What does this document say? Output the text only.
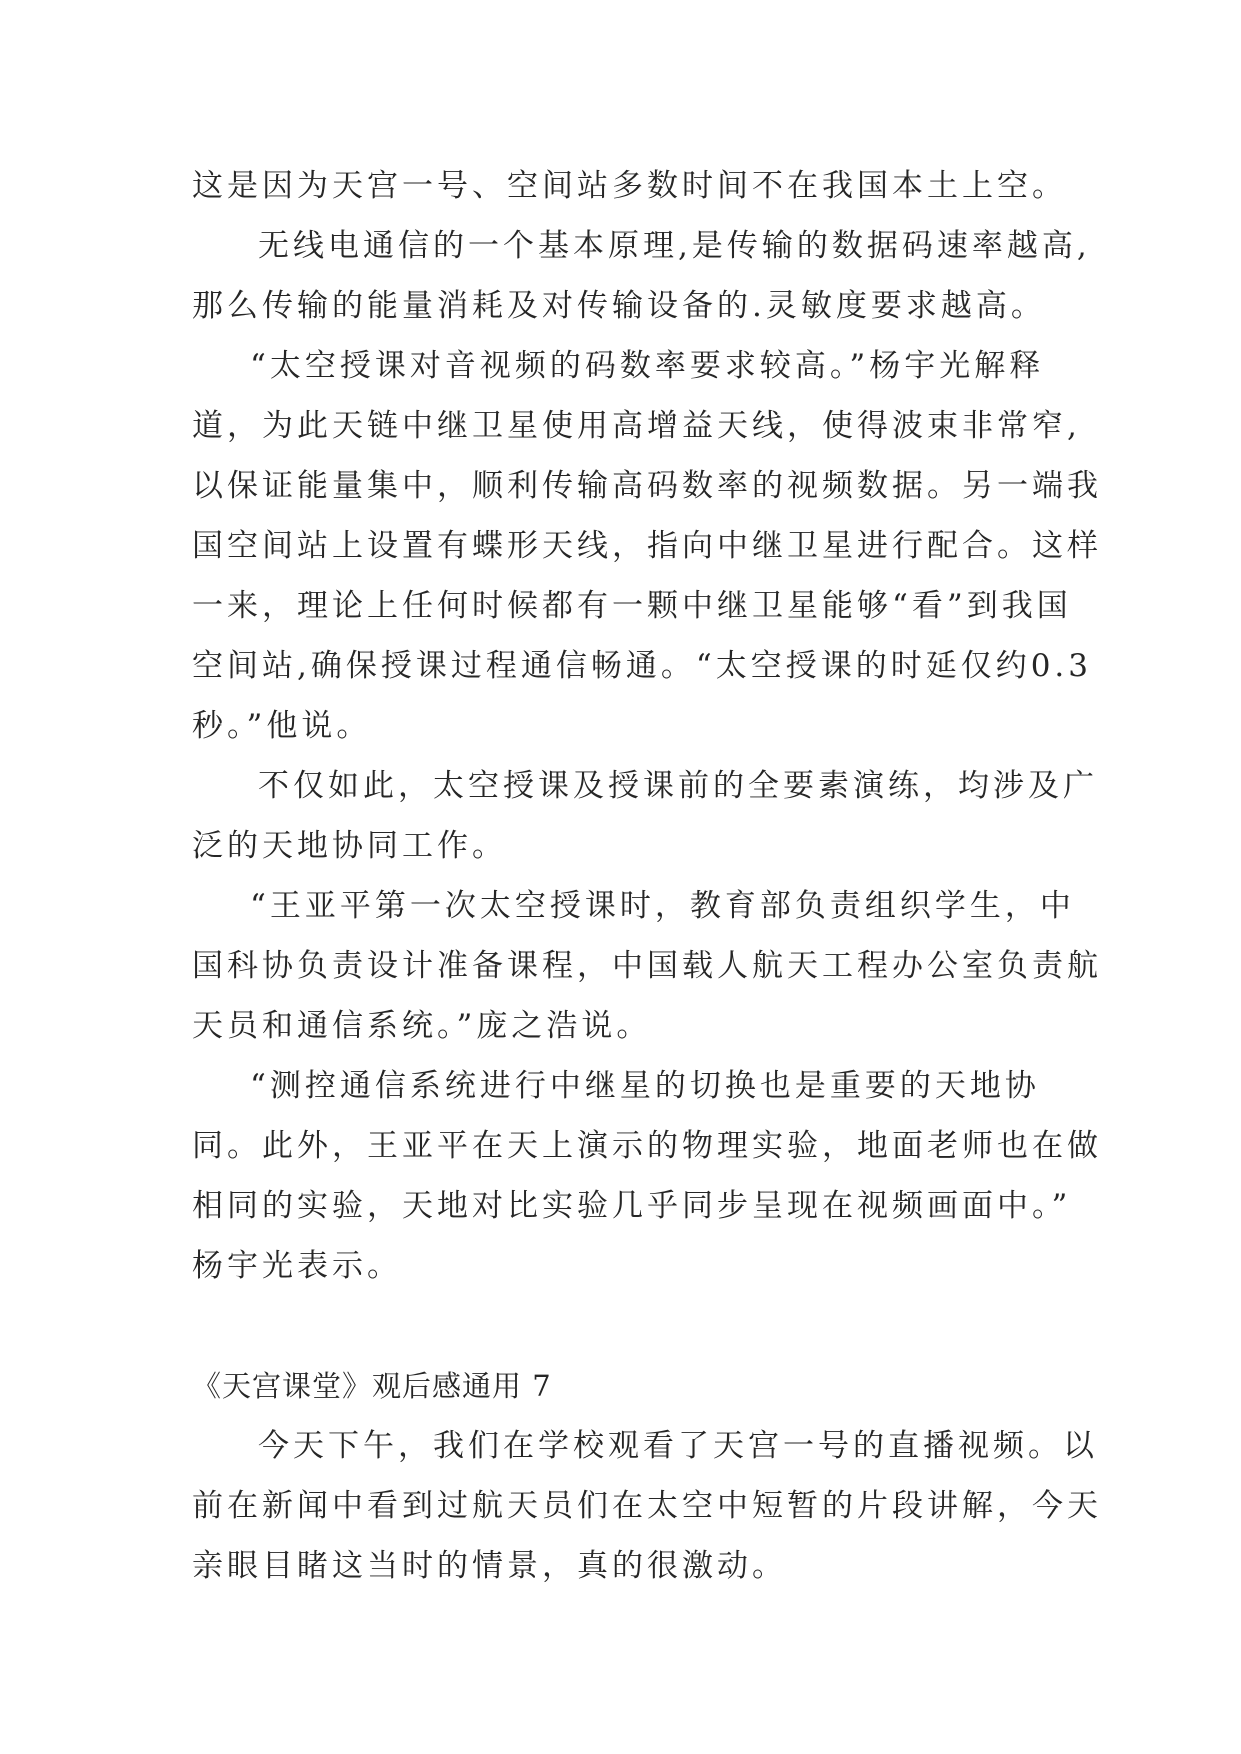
这是因为天宫一号、空间站多数时间不在我国本土上空。
无线电通信的一个基本原理,是传输的数据码速率越高,
那么传输的能量消耗及对传输设备的.灵敏度要求越高。
“太空授课对音视频的码数率要求较高。”杨宇光解释
道，为此天链中继卫星使用高增益天线，使得波束非常窄,
以保证能量集中，顺利传输高码数率的视频数据。另一端我
国空间站上设置有蝶形天线，指向中继卫星进行配合。这样
一来，理论上任何时候都有一颗中继卫星能够“看”到我国
空间站,确保授课过程通信畅通。“太空授课的时延仅约0.3
秒。”他说。
不仅如此，太空授课及授课前的全要素演练，均涉及广
泛的天地协同工作。
“王亚平第一次太空授课时，教育部负责组织学生，中
国科协负责设计准备课程，中国载人航天工程办公室负责航
天员和通信系统。”庞之浩说。
“测控通信系统进行中继星的切换也是重要的天地协
同。此外，王亚平在天上演示的物理实验，地面老师也在做
相同的实验，天地对比实验几乎同步呈现在视频画面中。”
杨宇光表示。
《天宫课堂》观后感通用 7
今天下午，我们在学校观看了天宫一号的直播视频。以
前在新闻中看到过航天员们在太空中短暂的片段讲解，今天
亲眼目睹这当时的情景，真的很激动。
